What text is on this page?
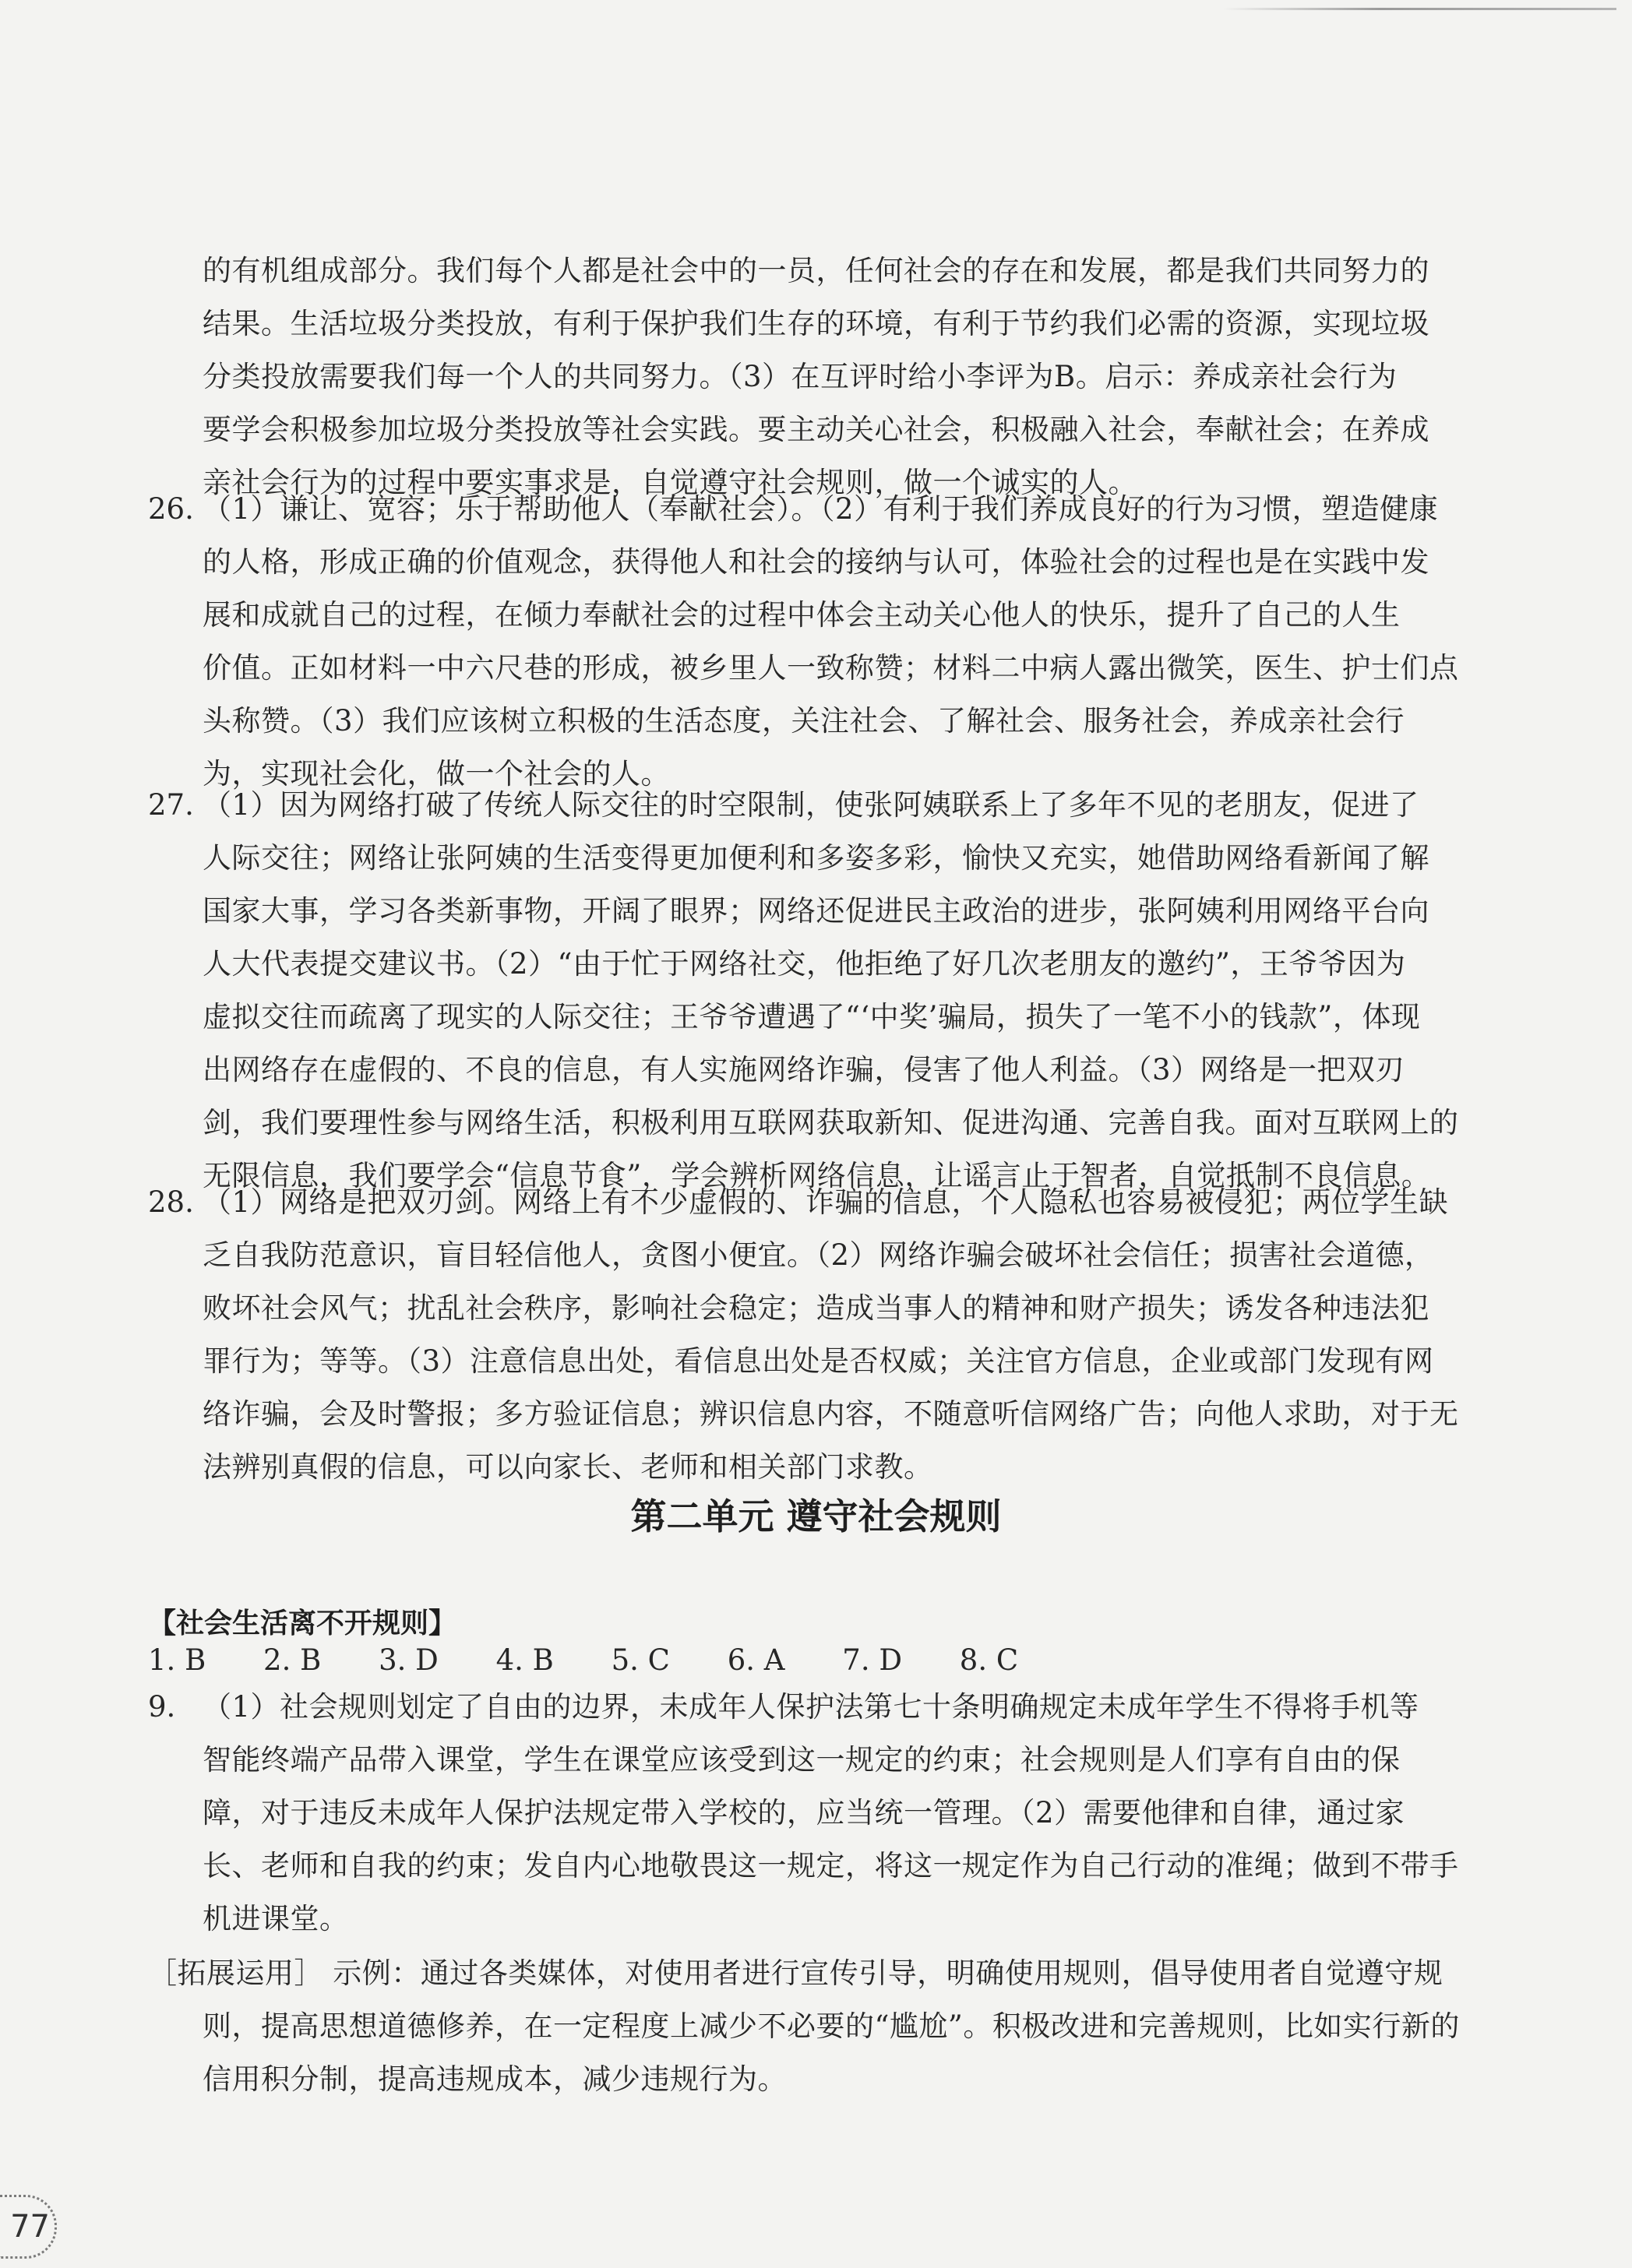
的有机组成部分。我们每个人都是社会中的一员，任何社会的存在和发展，都是我们共同努力的
结果。生活垃圾分类投放，有利于保护我们生存的环境，有利于节约我们必需的资源，实现垃圾
分类投放需要我们每一个人的共同努力。（3）在互评时给小李评为B。启示：养成亲社会行为
要学会积极参加垃圾分类投放等社会实践。要主动关心社会，积极融入社会，奉献社会；在养成
亲社会行为的过程中要实事求是，自觉遵守社会规则，做一个诚实的人。
26. （1）谦让、宽容；乐于帮助他人（奉献社会）。（2）有利于我们养成良好的行为习惯，塑造健康
的人格，形成正确的价值观念，获得他人和社会的接纳与认可，体验社会的过程也是在实践中发
展和成就自己的过程，在倾力奉献社会的过程中体会主动关心他人的快乐，提升了自己的人生
价值。正如材料一中六尺巷的形成，被乡里人一致称赞；材料二中病人露出微笑，医生、护士们点
头称赞。（3）我们应该树立积极的生活态度，关注社会、了解社会、服务社会，养成亲社会行
为，实现社会化，做一个社会的人。
27. （1）因为网络打破了传统人际交往的时空限制，使张阿姨联系上了多年不见的老朋友，促进了
人际交往；网络让张阿姨的生活变得更加便利和多姿多彩，愉快又充实，她借助网络看新闻了解
国家大事，学习各类新事物，开阔了眼界；网络还促进民主政治的进步，张阿姨利用网络平台向
人大代表提交建议书。（2）“由于忙于网络社交，他拒绝了好几次老朋友的邀约”，王爷爷因为
虚拟交往而疏离了现实的人际交往；王爷爷遭遇了“‘中奖’骗局，损失了一笔不小的钱款”，体现
出网络存在虚假的、不良的信息，有人实施网络诈骗，侵害了他人利益。（3）网络是一把双刃
剑，我们要理性参与网络生活，积极利用互联网获取新知、促进沟通、完善自我。面对互联网上的
无限信息，我们要学会“信息节食”，学会辨析网络信息，让谣言止于智者，自觉抵制不良信息。
28. （1）网络是把双刃剑。网络上有不少虚假的、诈骗的信息，个人隐私也容易被侵犯；两位学生缺
乏自我防范意识，盲目轻信他人，贪图小便宜。（2）网络诈骗会破坏社会信任；损害社会道德，
败坏社会风气；扰乱社会秩序，影响社会稳定；造成当事人的精神和财产损失；诱发各种违法犯
罪行为；等等。（3）注意信息出处，看信息出处是否权威；关注官方信息，企业或部门发现有网
络诈骗，会及时警报；多方验证信息；辨识信息内容，不随意听信网络广告；向他人求助，对于无
法辨别真假的信息，可以向家长、老师和相关部门求教。
第二单元 遵守社会规则
【社会生活离不开规则】
1. B 2. B 3. D 4. B 5. C 6. A 7. D 8. C
9. （1）社会规则划定了自由的边界，未成年人保护法第七十条明确规定未成年学生不得将手机等
智能终端产品带入课堂，学生在课堂应该受到这一规定的约束；社会规则是人们享有自由的保
障，对于违反未成年人保护法规定带入学校的，应当统一管理。（2）需要他律和自律，通过家
长、老师和自我的约束；发自内心地敬畏这一规定，将这一规定作为自己行动的准绳；做到不带手
机进课堂。
［拓展运用］ 示例：通过各类媒体，对使用者进行宣传引导，明确使用规则，倡导使用者自觉遵守规
则，提高思想道德修养，在一定程度上减少不必要的“尴尬”。积极改进和完善规则，比如实行新的
信用积分制，提高违规成本，减少违规行为。
77
